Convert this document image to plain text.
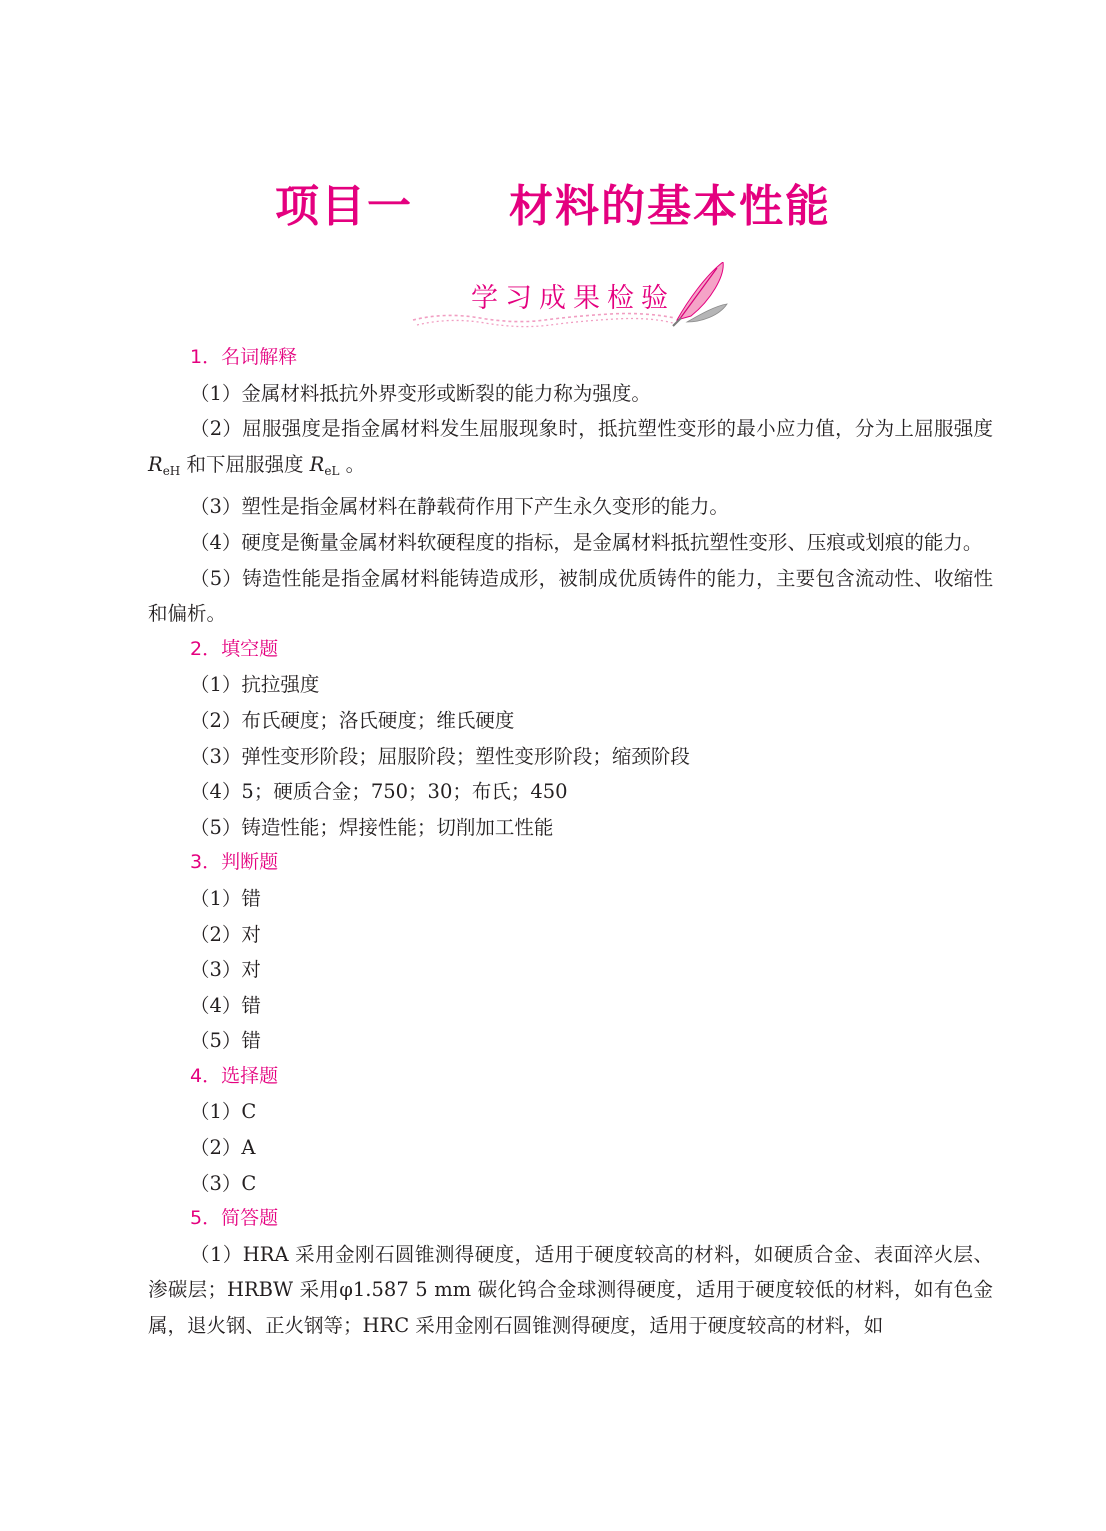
项目一 材料的基本性能
学习成果检验
1．名词解释

（1）金属材料抵抗外界变形或断裂的能力称为强度。

（2）屈服强度是指金属材料发生屈服现象时，抵抗塑性变形的最小应力值，分为上屈服强度 $R_{eH}$ 和下屈服强度 $R_{eL}$ 。

（3）塑性是指金属材料在静载荷作用下产生永久变形的能力。

（4）硬度是衡量金属材料软硬程度的指标，是金属材料抵抗塑性变形、压痕或划痕的能力。

（5）铸造性能是指金属材料能铸造成形，被制成优质铸件的能力，主要包含流动性、收缩性和偏析。

2．填空题

（1）抗拉强度

（2）布氏硬度；洛氏硬度；维氏硬度

（3）弹性变形阶段；屈服阶段；塑性变形阶段；缩颈阶段

（4）5；硬质合金；750；30；布氏；450

（5）铸造性能；焊接性能；切削加工性能

3．判断题

（1）错

（2）对

（3）对

（4）错

（5）错

4．选择题

（1）C

（2）A

（3）C

5．简答题

（1）HRA 采用金刚石圆锥测得硬度，适用于硬度较高的材料，如硬质合金、表面淬火层、渗碳层；HRBW 采用φ1.587 5 mm 碳化钨合金球测得硬度，适用于硬度较低的材料，如有色金属，退火钢、正火钢等；HRC 采用金刚石圆锥测得硬度，适用于硬度较高的材料，如
